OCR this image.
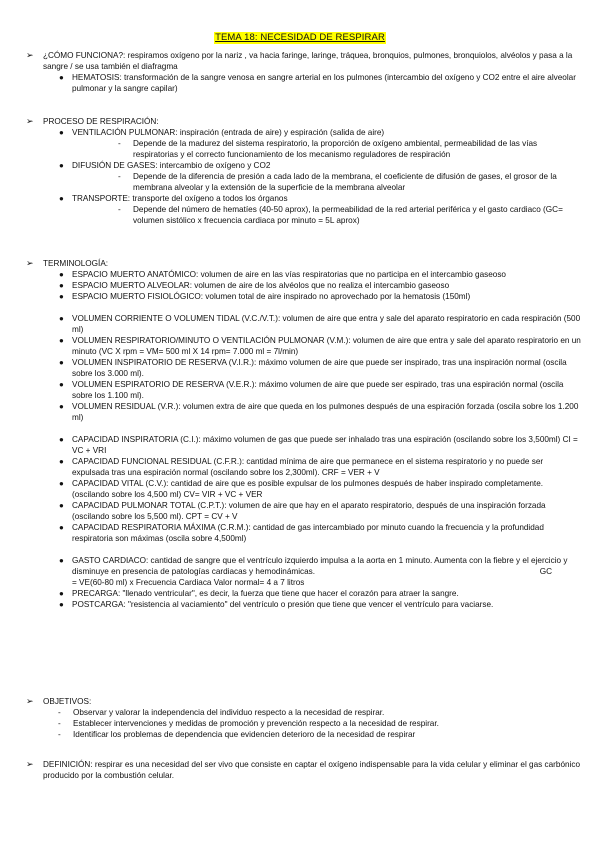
TEMA 18: NECESIDAD DE RESPIRAR
➢ ¿CÓMO FUNCIONA?: respiramos oxígeno por la nariz , va hacia faringe, laringe, tráquea, bronquios, pulmones, bronquiolos, alvéolos y pasa a la sangre / se usa también el diafragma
● HEMATOSIS: transformación de la sangre venosa en sangre arterial en los pulmones (intercambio del oxígeno y CO2 entre el aire alveolar pulmonar y la sangre capilar)
➢ PROCESO DE RESPIRACIÓN:
● VENTILACIÓN PULMONAR: inspiración (entrada de aire) y espiración (salida de aire)
- Depende de la madurez del sistema respiratorio, la proporción de oxígeno ambiental, permeabilidad de las vías respiratorias y el correcto funcionamiento de los mecanismo reguladores de respiración
● DIFUSIÓN DE GASES: intercambio de oxígeno y CO2
- Depende de la diferencia de presión a cada lado de la membrana, el coeficiente de difusión de gases, el grosor de la membrana alveolar y la extensión de la superficie de la membrana alveolar
● TRANSPORTE: transporte del oxígeno a todos los órganos
- Depende del número de hematíes (40-50 aprox), la permeabilidad de la red arterial periférica y el gasto cardiaco (GC= volumen sistólico x frecuencia cardiaca por minuto = 5L aprox)
➢ TERMINOLOGÍA:
● ESPACIO MUERTO ANATÓMICO: volumen de aire en las vías respiratorias que no participa en el intercambio gaseoso
● ESPACIO MUERTO ALVEOLAR: volumen de aire de los alvéolos que no realiza el intercambio gaseoso
● ESPACIO MUERTO FISIOLÓGICO: volumen total de aire inspirado no aprovechado por la hematosis (150ml)
● VOLUMEN CORRIENTE O VOLUMEN TIDAL (V.C./V.T.): volumen de aire que entra y sale del aparato respiratorio en cada respiración (500 ml)
● VOLUMEN RESPIRATORIO/MINUTO O VENTILACIÓN PULMONAR (V.M.): volumen de aire que entra y sale del aparato respiratorio en un minuto (VC X rpm = VM= 500 ml X 14 rpm= 7.000 ml = 7l/min)
● VOLUMEN INSPIRATORIO DE RESERVA (V.I.R.): máximo volumen de aire que puede ser inspirado, tras una inspiración normal (oscila sobre los 3.000 ml).
● VOLUMEN ESPIRATORIO DE RESERVA (V.E.R.): máximo volumen de aire que puede ser espirado, tras una espiración normal (oscila sobre los 1.100 ml).
● VOLUMEN RESIDUAL (V.R.): volumen extra de aire que queda en los pulmones después de una espiración forzada (oscila sobre los 1.200 ml)
● CAPACIDAD INSPIRATORIA (C.I.): máximo volumen de gas que puede ser inhalado tras una espiración (oscilando sobre los 3,500ml) CI = VC + VRI
● CAPACIDAD FUNCIONAL RESIDUAL (C.F.R.): cantidad mínima de aire que permanece en el sistema respiratorio y no puede ser expulsada tras una espiración normal (oscilando sobre los 2,300ml). CRF = VER + V
● CAPACIDAD VITAL (C.V.): cantidad de aire que es posible expulsar de los pulmones después de haber inspirado completamente. (oscilando sobre los 4,500 ml) CV= VIR + VC + VER
● CAPACIDAD PULMONAR TOTAL (C.P.T.): volumen de aire que hay en el aparato respiratorio, después de una inspiración forzada (oscilando sobre los 5,500 ml). CPT = CV + V
● CAPACIDAD RESPIRATORIA MÁXIMA (C.R.M.): cantidad de gas intercambiado por minuto cuando la frecuencia y la profundidad respiratoria son máximas (oscila sobre 4,500ml)
● GASTO CARDIACO: cantidad de sangre que el ventrículo izquierdo impulsa a la aorta en 1 minuto. Aumenta con la fiebre y el ejercicio y disminuye en presencia de patologías cardiacas y hemodinámicas.	GC
= VE(60-80 ml) x Frecuencia Cardiaca Valor normal= 4 a 7 litros
● PRECARGA: "llenado ventricular", es decir, la fuerza que tiene que hacer el corazón para atraer la sangre.
● POSTCARGA: "resistencia al vaciamiento" del ventrículo o presión que tiene que vencer el ventrículo para vaciarse.
➢ OBJETIVOS:
- Observar y valorar la independencia del individuo respecto a la necesidad de respirar.
- Establecer intervenciones y medidas de promoción y prevención respecto a la necesidad de respirar.
- Identificar los problemas de dependencia que evidencien deterioro de la necesidad de respirar
➢ DEFINICIÓN: respirar es una necesidad del ser vivo que consiste en captar el oxígeno indispensable para la vida celular y eliminar el gas carbónico producido por la combustión celular.
